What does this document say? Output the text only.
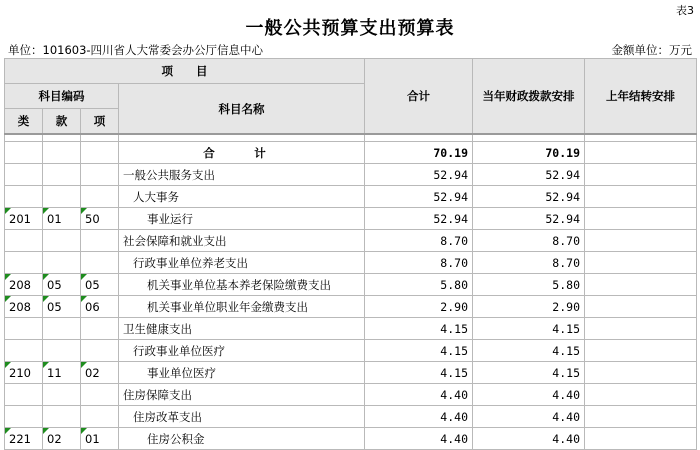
表3
一般公共预算支出预算表
单位：101603-四川省人大常委会办公厅信息中心	金额单位：万元
项　　目				合计	当年财政拨款安排	上年结转安排
科目编码			科目名称			
类	款	项				

			合　计	70.19	70.19	
			一般公共服务支出	52.94	52.94	
			人大事务	52.94	52.94	
201	01	50	事业运行	52.94	52.94	
			社会保障和就业支出	8.70	8.70	
			行政事业单位养老支出	8.70	8.70	
208	05	05	机关事业单位基本养老保险缴费支出	5.80	5.80	
208	05	06	机关事业单位职业年金缴费支出	2.90	2.90	
			卫生健康支出	4.15	4.15	
			行政事业单位医疗	4.15	4.15	
210	11	02	事业单位医疗	4.15	4.15	
			住房保障支出	4.40	4.40	
			住房改革支出	4.40	4.40	
221	02	01	住房公积金	4.40	4.40	
